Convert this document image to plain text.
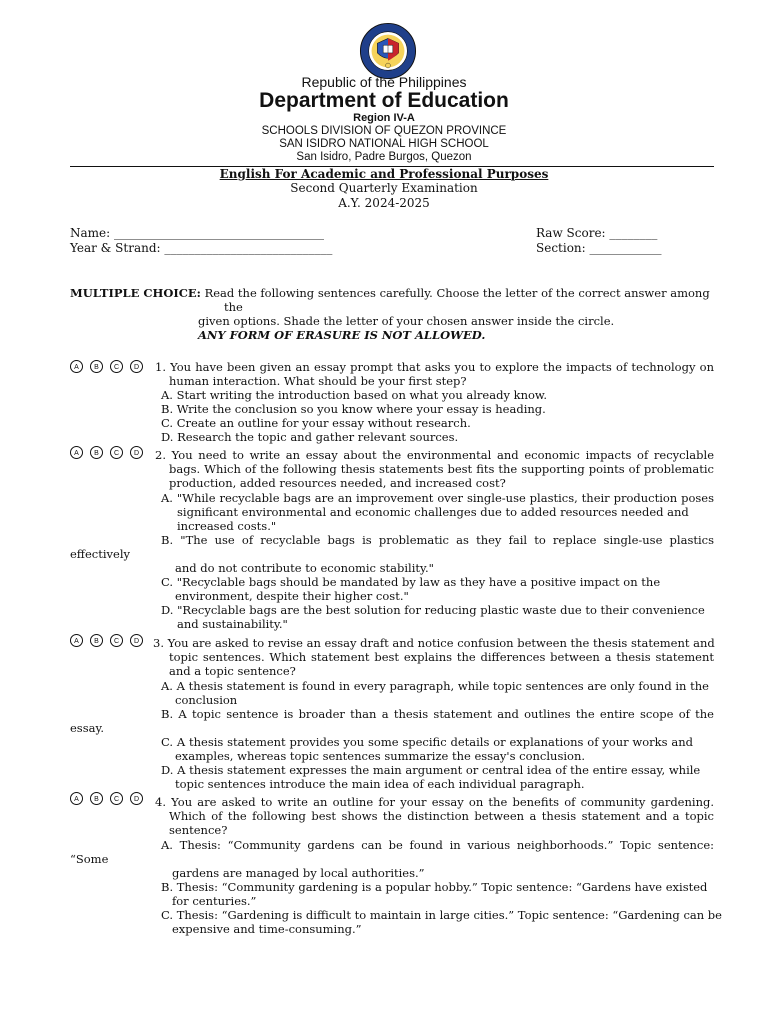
Republic of the Philippines
Department of Education
Region IV-A
SCHOOLS DIVISION OF QUEZON PROVINCE
SAN ISIDRO NATIONAL HIGH SCHOOL
San Isidro, Padre Burgos, Quezon
English For Academic and Professional Purposes
Second Quarterly Examination
A.Y. 2024-2025
Name: ___________________________________
Year & Strand: ____________________________
Raw Score: ________
Section: ____________
MULTIPLE CHOICE: Read the following sentences carefully. Choose the letter of the correct answer among
the
given options. Shade the letter of your chosen answer inside the circle.
ANY FORM OF ERASURE IS NOT ALLOWED.
A	B	C	D	1. You have been given an essay prompt that asks you to explore the impacts of technology on
human interaction. What should be your first step?
A. Start writing the introduction based on what you already know.
B. Write the conclusion so you know where your essay is heading.
C. Create an outline for your essay without research.
D. Research the topic and gather relevant sources.
A	B	C	D	2. You need to write an essay about the environmental and economic impacts of recyclable
bags. Which of the following thesis statements best fits the supporting points of problematic
production, added resources needed, and increased cost?
A. "While recyclable bags are an improvement over single-use plastics, their production poses
significant environmental and economic challenges due to added resources needed and
increased costs."
B. "The use of recyclable bags is problematic as they fail to replace single-use plastics
effectively
and do not contribute to economic stability."
C. "Recyclable bags should be mandated by law as they have a positive impact on the
environment, despite their higher cost."
D. "Recyclable bags are the best solution for reducing plastic waste due to their convenience
and sustainability."
A	B	C	D	3. You are asked to revise an essay draft and notice confusion between the thesis statement and
topic sentences. Which statement best explains the differences between a thesis statement
and a topic sentence?
A. A thesis statement is found in every paragraph, while topic sentences are only found in the
conclusion
B. A topic sentence is broader than a thesis statement and outlines the entire scope of the
essay.
C. A thesis statement provides you some specific details or explanations of your works and
examples, whereas topic sentences summarize the essay's conclusion.
D. A thesis statement expresses the main argument or central idea of the entire essay, while
topic sentences introduce the main idea of each individual paragraph.
A	B	C	D	4. You are asked to write an outline for your essay on the benefits of community gardening.
Which of the following best shows the distinction between a thesis statement and a topic
sentence?
A. Thesis: “Community gardens can be found in various neighborhoods.” Topic sentence:
“Some
gardens are managed by local authorities.”
B. Thesis: “Community gardening is a popular hobby.” Topic sentence: “Gardens have existed
for centuries.”
C. Thesis: “Gardening is difficult to maintain in large cities.” Topic sentence: “Gardening can be
expensive and time-consuming.”
